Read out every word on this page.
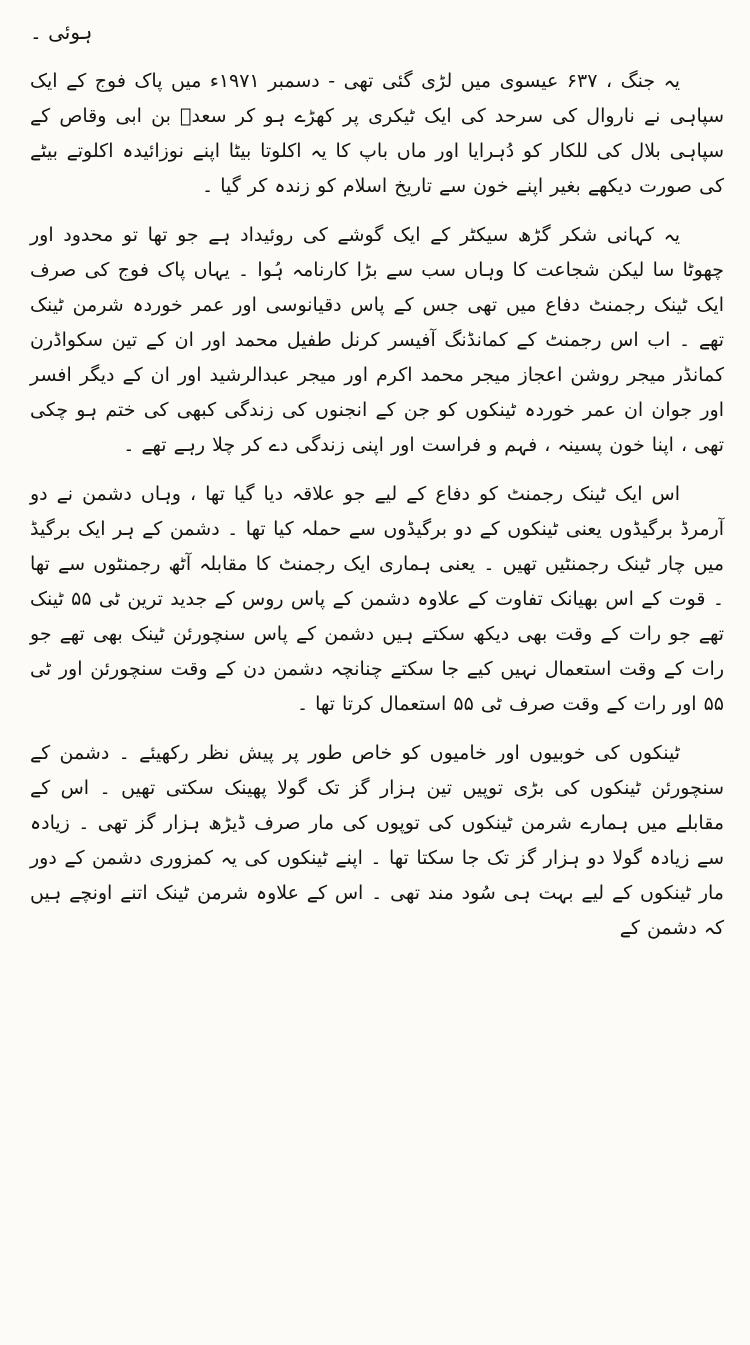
ہوئی ۔

یہ جنگ ، ۶۳۷ عیسوی میں لڑی گئی تھی - دسمبر ۱۹۷۱ء میں پاک فوج کے ایک سپاہی نے ناروال کی سرحد کی ایک ٹیکری پر کھڑے ہو کر سعدؓ بن ابی وقاص کے سپاہی بلال کی للکار کو دُہرایا اور ماں باپ کا یہ اکلوتا بیٹا اپنے نوزائیدہ اکلوتے بیٹے کی صورت دیکھے بغیر اپنے خون سے تاریخ اسلام کو زندہ کر گیا ۔

یہ کہانی شکر گڑھ سیکٹر کے ایک گوشے کی روئیداد ہے جو تھا تو محدود اور چھوٹا سا لیکن شجاعت کا وہاں سب سے بڑا کارنامہ ہُوا ۔ یہاں پاک فوج کی صرف ایک ٹینک رجمنٹ دفاع میں تھی جس کے پاس دقیانوسی اور عمر خوردہ شرمن ٹینک تھے ۔ اب اس رجمنٹ کے کمانڈنگ آفیسر کرنل طفیل محمد اور ان کے تین سکواڈرن کمانڈر میجر روشن اعجاز میجر محمد اکرم اور میجر عبدالرشید اور ان کے دیگر افسر اور جوان ان عمر خوردہ ٹینکوں کو جن کے انجنوں کی زندگی کبھی کی ختم ہو چکی تھی ، اپنا خون پسینہ ، فہم و فراست اور اپنی زندگی دے کر چلا رہے تھے ۔

اس ایک ٹینک رجمنٹ کو دفاع کے لیے جو علاقہ دیا گیا تھا ، وہاں دشمن نے دو آرمرڈ برگیڈوں یعنی ٹینکوں کے دو برگیڈوں سے حملہ کیا تھا ۔ دشمن کے ہر ایک برگیڈ میں چار ٹینک رجمنٹیں تھیں ۔ یعنی ہماری ایک رجمنٹ کا مقابلہ آٹھ رجمنٹوں سے تھا ۔ قوت کے اس بھیانک تفاوت کے علاوہ دشمن کے پاس روس کے جدید ترین ٹی ۵۵ ٹینک تھے جو رات کے وقت بھی دیکھ سکتے ہیں دشمن کے پاس سنچورئن ٹینک بھی تھے جو رات کے وقت استعمال نہیں کیے جا سکتے چنانچہ دشمن دن کے وقت سنچورئن اور ٹی ۵۵ اور رات کے وقت صرف ٹی ۵۵ استعمال کرتا تھا ۔

ٹینکوں کی خوبیوں اور خامیوں کو خاص طور پر پیش نظر رکھیئے ۔ دشمن کے سنچورئن ٹینکوں کی بڑی توپیں تین ہزار گز تک گولا پھینک سکتی تھیں ۔ اس کے مقابلے میں ہمارے شرمن ٹینکوں کی توپوں کی مار صرف ڈیڑھ ہزار گز تھی ۔ زیادہ سے زیادہ گولا دو ہزار گز تک جا سکتا تھا ۔ اپنے ٹینکوں کی یہ کمزوری دشمن کے دور مار ٹینکوں کے لیے بہت ہی سُود مند تھی ۔ اس کے علاوہ شرمن ٹینک اتنے اونچے ہیں کہ دشمن کے
